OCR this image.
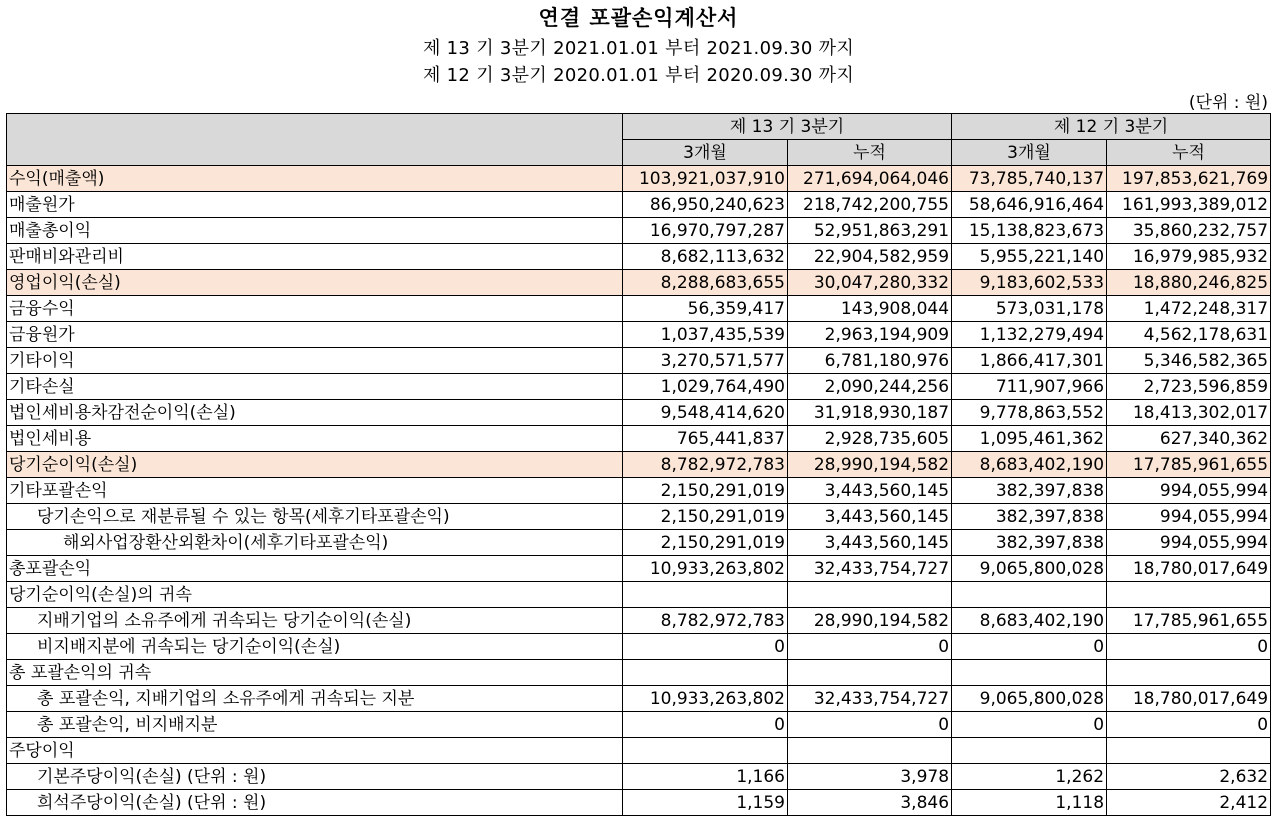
연결 포괄손익계산서
제 13 기 3분기 2021.01.01 부터 2021.09.30 까지
제 12 기 3분기 2020.01.01 부터 2020.09.30 까지
(단위 : 원)
	제 13 기 3분기		제 12 기 3분기	
	3개월	누적	3개월	누적
수익(매출액)	103,921,037,910	271,694,064,046	73,785,740,137	197,853,621,769
매출원가	86,950,240,623	218,742,200,755	58,646,916,464	161,993,389,012
매출총이익	16,970,797,287	52,951,863,291	15,138,823,673	35,860,232,757
판매비와관리비	8,682,113,632	22,904,582,959	5,955,221,140	16,979,985,932
영업이익(손실)	8,288,683,655	30,047,280,332	9,183,602,533	18,880,246,825
금융수익	56,359,417	143,908,044	573,031,178	1,472,248,317
금융원가	1,037,435,539	2,963,194,909	1,132,279,494	4,562,178,631
기타이익	3,270,571,577	6,781,180,976	1,866,417,301	5,346,582,365
기타손실	1,029,764,490	2,090,244,256	711,907,966	2,723,596,859
법인세비용차감전순이익(손실)	9,548,414,620	31,918,930,187	9,778,863,552	18,413,302,017
법인세비용	765,441,837	2,928,735,605	1,095,461,362	627,340,362
당기순이익(손실)	8,782,972,783	28,990,194,582	8,683,402,190	17,785,961,655
기타포괄손익	2,150,291,019	3,443,560,145	382,397,838	994,055,994
당기손익으로 재분류될 수 있는 항목(세후기타포괄손익)	2,150,291,019	3,443,560,145	382,397,838	994,055,994
해외사업장환산외환차이(세후기타포괄손익)	2,150,291,019	3,443,560,145	382,397,838	994,055,994
총포괄손익	10,933,263,802	32,433,754,727	9,065,800,028	18,780,017,649
당기순이익(손실)의 귀속				
지배기업의 소유주에게 귀속되는 당기순이익(손실)	8,782,972,783	28,990,194,582	8,683,402,190	17,785,961,655
비지배지분에 귀속되는 당기순이익(손실)	0	0	0	0
총 포괄손익의 귀속				
총 포괄손익, 지배기업의 소유주에게 귀속되는 지분	10,933,263,802	32,433,754,727	9,065,800,028	18,780,017,649
총 포괄손익, 비지배지분	0	0	0	0
주당이익				
기본주당이익(손실) (단위 : 원)	1,166	3,978	1,262	2,632
희석주당이익(손실) (단위 : 원)	1,159	3,846	1,118	2,412
